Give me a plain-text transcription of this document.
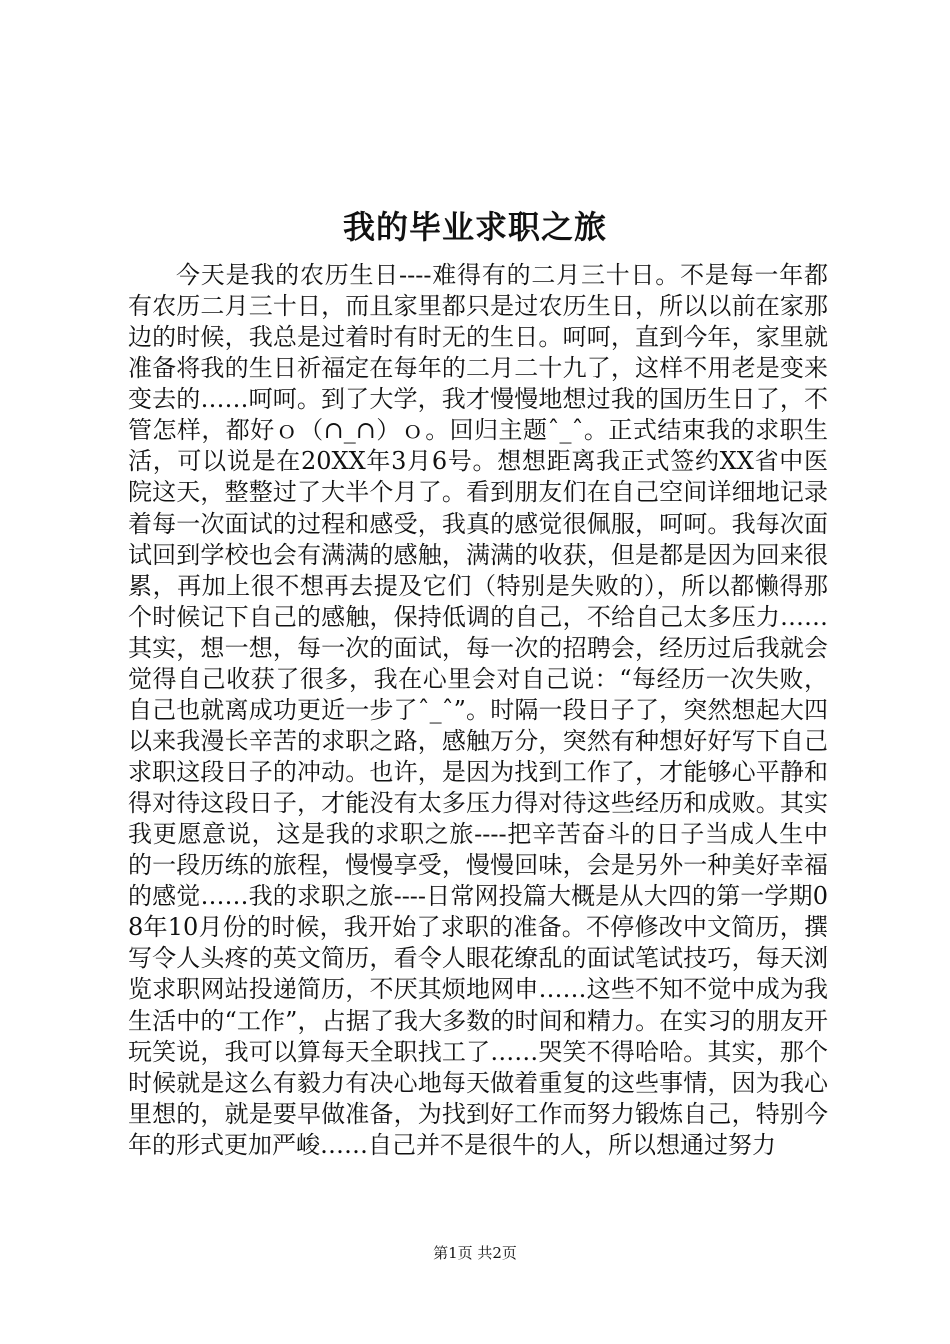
我的毕业求职之旅

今天是我的农历生日----难得有的二月三十日。不是每一年都有农历二月三十日，而且家里都只是过农历生日，所以以前在家那边的时候，我总是过着时有时无的生日。呵呵，直到今年，家里就准备将我的生日祈福定在每年的二月二十九了，这样不用老是变来变去的……呵呵。到了大学，我才慢慢地想过我的国历生日了，不管怎样，都好ｏ（∩_∩）ｏ。回归主题ˆ_ˆ。正式结束我的求职生活，可以说是在20XX年3月6号。想想距离我正式签约XX省中医院这天，整整过了大半个月了。看到朋友们在自己空间详细地记录着每一次面试的过程和感受，我真的感觉很佩服，呵呵。我每次面试回到学校也会有满满的感触，满满的收获，但是都是因为回来很累，再加上很不想再去提及它们（特别是失败的），所以都懒得那个时候记下自己的感触，保持低调的自己，不给自己太多压力……其实，想一想，每一次的面试，每一次的招聘会，经历过后我就会觉得自己收获了很多，我在心里会对自己说：“每经历一次失败，自己也就离成功更近一步了ˆ_ˆ”。时隔一段日子了，突然想起大四以来我漫长辛苦的求职之路，感触万分，突然有种想好好写下自己求职这段日子的冲动。也许，是因为找到工作了，才能够心平静和得对待这段日子，才能没有太多压力得对待这些经历和成败。其实我更愿意说，这是我的求职之旅----把辛苦奋斗的日子当成人生中的一段历练的旅程，慢慢享受，慢慢回味，会是另外一种美好幸福的感觉……我的求职之旅----日常网投篇大概是从大四的第一学期08年10月份的时候，我开始了求职的准备。不停修改中文简历，撰写令人头疼的英文简历，看令人眼花缭乱的面试笔试技巧，每天浏览求职网站投递简历，不厌其烦地网申……这些不知不觉中成为我生活中的“工作”，占据了我大多数的时间和精力。在实习的朋友开玩笑说，我可以算每天全职找工了……哭笑不得哈哈。其实，那个时候就是这么有毅力有决心地每天做着重复的这些事情，因为我心里想的，就是要早做准备，为找到好工作而努力锻炼自己，特别今年的形式更加严峻……自己并不是很牛的人，所以想通过努力

第1页 共2页
